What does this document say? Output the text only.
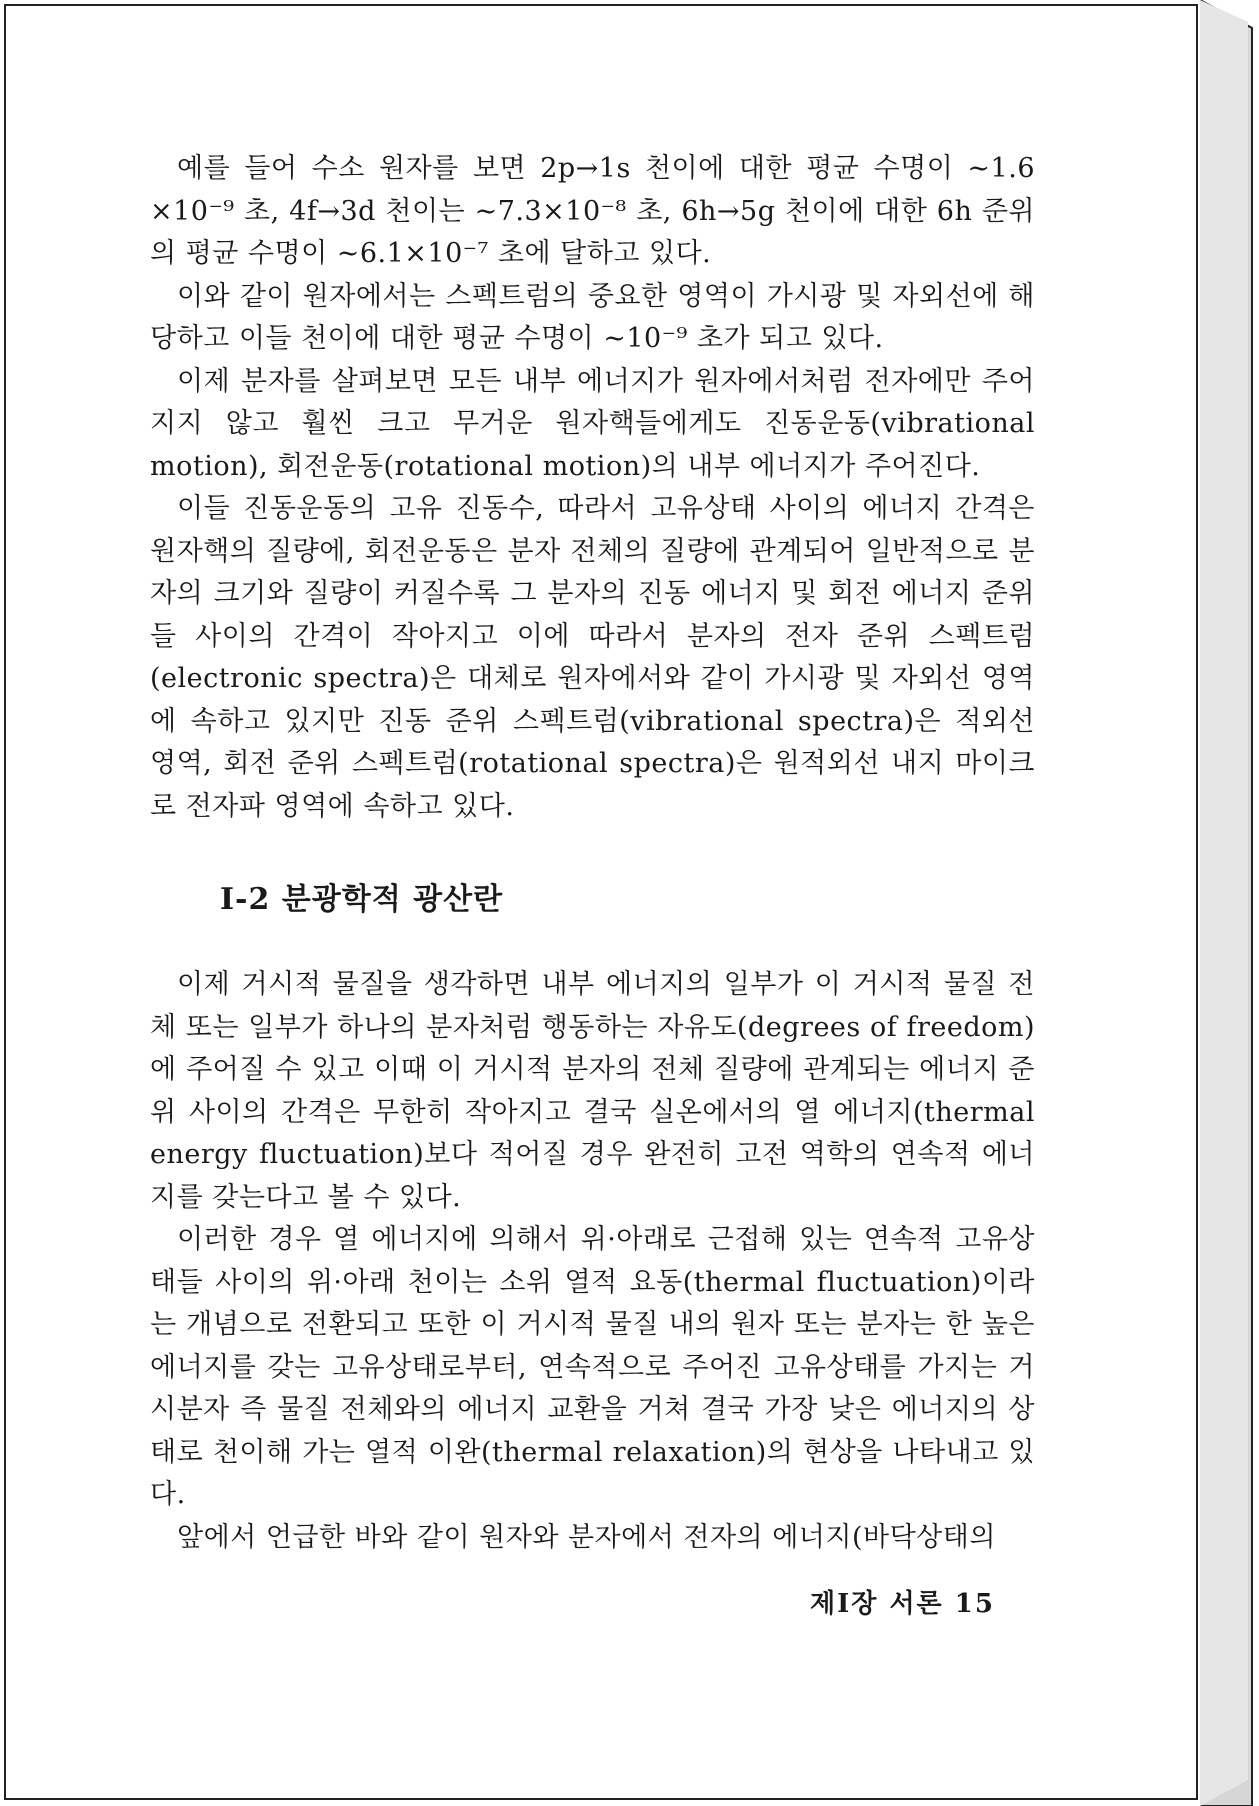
예를 들어 수소 원자를 보면 2p→1s 천이에 대한 평균 수명이 ∼1.6 ×10⁻⁹ 초, 4f→3d 천이는 ∼7.3×10⁻⁸ 초, 6h→5g 천이에 대한 6h 준위의 평균 수명이 ∼6.1×10⁻⁷ 초에 달하고 있다.

이와 같이 원자에서는 스펙트럼의 중요한 영역이 가시광 및 자외선에 해당하고 이들 천이에 대한 평균 수명이 ∼10⁻⁹ 초가 되고 있다.

이제 분자를 살펴보면 모든 내부 에너지가 원자에서처럼 전자에만 주어지지 않고 훨씬 크고 무거운 원자핵들에게도 진동운동(vibrational motion), 회전운동(rotational motion)의 내부 에너지가 주어진다.

이들 진동운동의 고유 진동수, 따라서 고유상태 사이의 에너지 간격은 원자핵의 질량에, 회전운동은 분자 전체의 질량에 관계되어 일반적으로 분자의 크기와 질량이 커질수록 그 분자의 진동 에너지 및 회전 에너지 준위들 사이의 간격이 작아지고 이에 따라서 분자의 전자 준위 스펙트럼(electronic spectra)은 대체로 원자에서와 같이 가시광 및 자외선 영역에 속하고 있지만 진동 준위 스펙트럼(vibrational spectra)은 적외선 영역, 회전 준위 스펙트럼(rotational spectra)은 원적외선 내지 마이크로 전자파 영역에 속하고 있다.

Ⅰ-2 분광학적 광산란

이제 거시적 물질을 생각하면 내부 에너지의 일부가 이 거시적 물질 전체 또는 일부가 하나의 분자처럼 행동하는 자유도(degrees of freedom)에 주어질 수 있고 이때 이 거시적 분자의 전체 질량에 관계되는 에너지 준위 사이의 간격은 무한히 작아지고 결국 실온에서의 열 에너지(thermal energy fluctuation)보다 적어질 경우 완전히 고전 역학의 연속적 에너지를 갖는다고 볼 수 있다.

이러한 경우 열 에너지에 의해서 위·아래로 근접해 있는 연속적 고유상태들 사이의 위·아래 천이는 소위 열적 요동(thermal fluctuation)이라는 개념으로 전환되고 또한 이 거시적 물질 내의 원자 또는 분자는 한 높은 에너지를 갖는 고유상태로부터, 연속적으로 주어진 고유상태를 가지는 거시분자 즉 물질 전체와의 에너지 교환을 거쳐 결국 가장 낮은 에너지의 상태로 천이해 가는 열적 이완(thermal relaxation)의 현상을 나타내고 있다.

앞에서 언급한 바와 같이 원자와 분자에서 전자의 에너지(바닥상태의

제Ⅰ장 서론 15
